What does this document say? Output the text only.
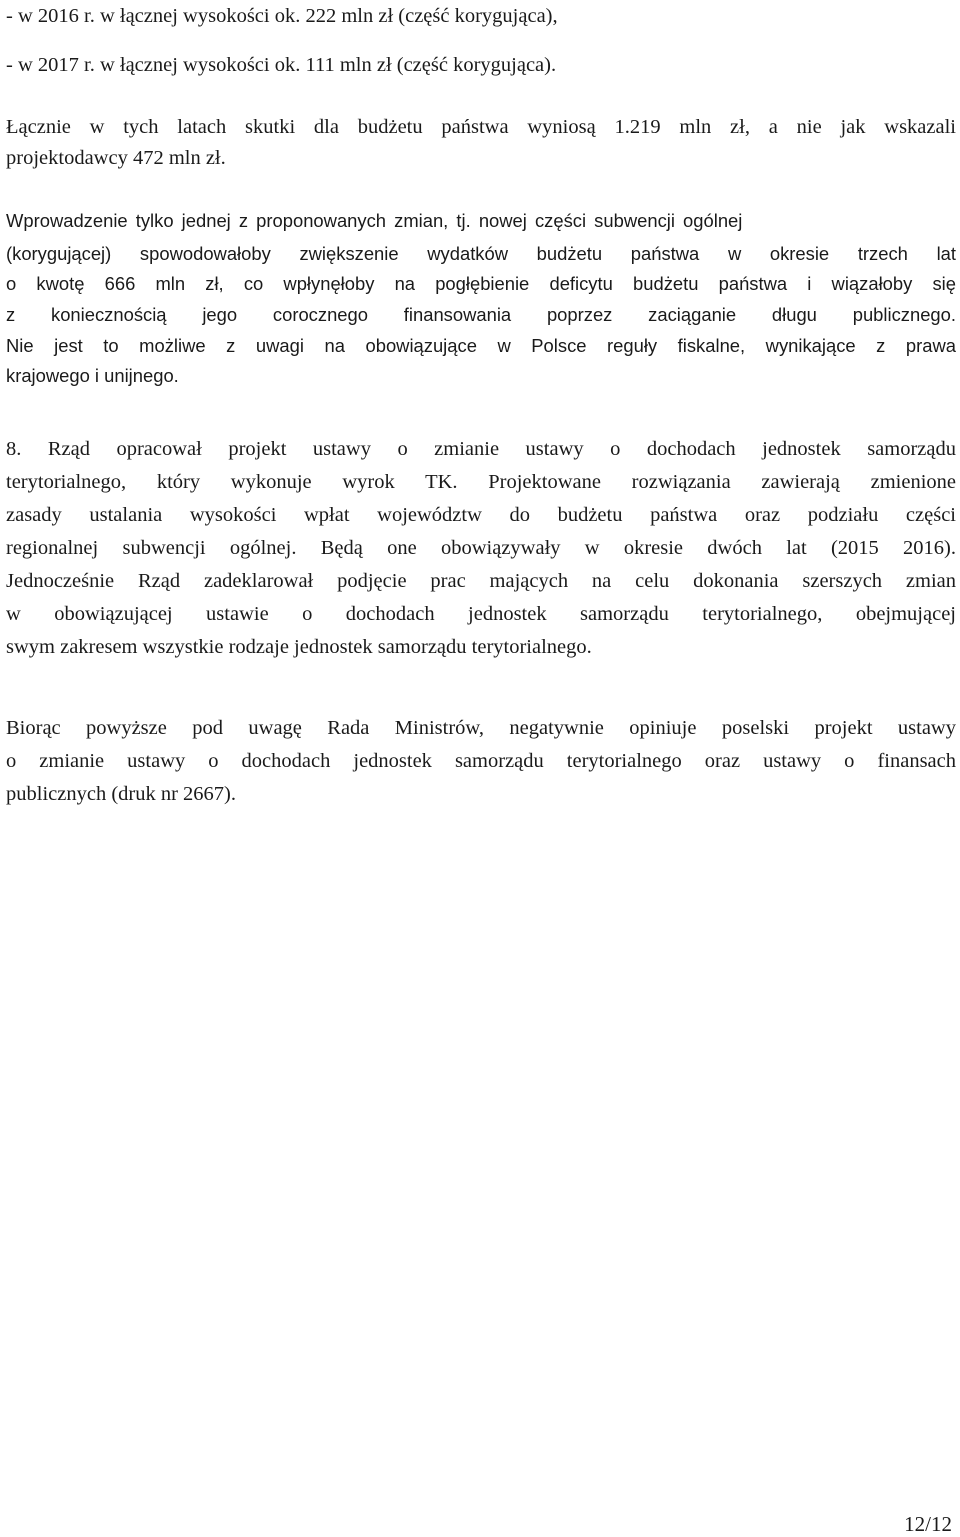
- w 2016 r. w łącznej wysokości ok. 222 mln zł (część korygująca),
- w 2017 r. w łącznej wysokości ok. 111 mln zł (część korygująca).
Łącznie w tych latach skutki dla budżetu państwa wyniosą 1.219 mln zł, a nie jak wskazali
projektodawcy 472 mln zł.
Wprowadzenie tylko jednej z proponowanych zmian, tj. nowej części subwencji ogólnej
(korygującej) spowodowałoby zwiększenie wydatków budżetu państwa w okresie trzech lat
o kwotę 666 mln zł, co wpłynęłoby na pogłębienie deficytu budżetu państwa i wiązałoby się
z koniecznością jego corocznego finansowania poprzez zaciąganie długu publicznego.
Nie jest to możliwe z uwagi na obowiązujące w Polsce reguły fiskalne, wynikające z prawa
krajowego i unijnego.
8. Rząd opracował projekt ustawy o zmianie ustawy o dochodach jednostek samorządu
terytorialnego, który wykonuje wyrok TK. Projektowane rozwiązania zawierają zmienione
zasady ustalania wysokości wpłat województw do budżetu państwa oraz podziału części
regionalnej subwencji ogólnej. Będą one obowiązywały w okresie dwóch lat (2015 2016).
Jednocześnie Rząd zadeklarował podjęcie prac mających na celu dokonania szerszych zmian
w obowiązującej ustawie o dochodach jednostek samorządu terytorialnego, obejmującej
swym zakresem wszystkie rodzaje jednostek samorządu terytorialnego.
Biorąc powyższe pod uwagę Rada Ministrów, negatywnie opiniuje poselski projekt ustawy
o zmianie ustawy o dochodach jednostek samorządu terytorialnego oraz ustawy o finansach
publicznych (druk nr 2667).
12/12
